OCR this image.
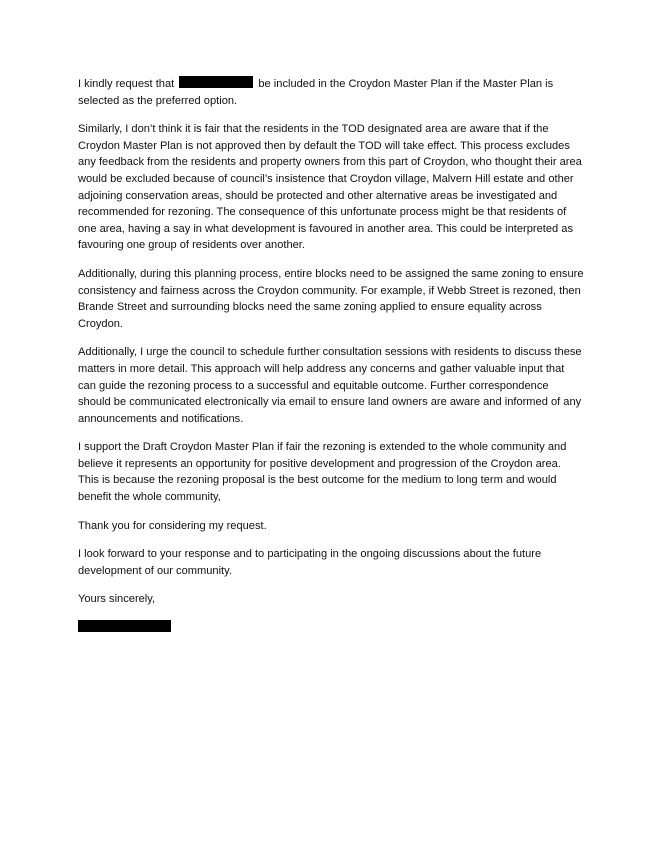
I kindly request that	be included in the Croydon Master Plan if the Master Plan is selected as the preferred option.

Similarly, I don’t think it is fair that the residents in the TOD designated area are aware that if the Croydon Master Plan is not approved then by default the TOD will take effect. This process excludes any feedback from the residents and property owners from this part of Croydon, who thought their area would be excluded because of council’s insistence that Croydon village, Malvern Hill estate and other adjoining conservation areas, should be protected and other alternative areas be investigated and recommended for rezoning. The consequence of this unfortunate process might be that residents of one area, having a say in what development is favoured in another area. This could be interpreted as favouring one group of residents over another.

Additionally, during this planning process, entire blocks need to be assigned the same zoning to ensure consistency and fairness across the Croydon community. For example, if Webb Street is rezoned, then Brande Street and surrounding blocks need the same zoning applied to ensure equality across Croydon.

Additionally, I urge the council to schedule further consultation sessions with residents to discuss these matters in more detail. This approach will help address any concerns and gather valuable input that can guide the rezoning process to a successful and equitable outcome. Further correspondence should be communicated electronically via email to ensure land owners are aware and informed of any announcements and notifications.

I support the Draft Croydon Master Plan if fair the rezoning is extended to the whole community and believe it represents an opportunity for positive development and progression of the Croydon area. This is because the rezoning proposal is the best outcome for the medium to long term and would benefit the whole community,

Thank you for considering my request.

I look forward to your response and to participating in the ongoing discussions about the future development of our community.

Yours sincerely,
